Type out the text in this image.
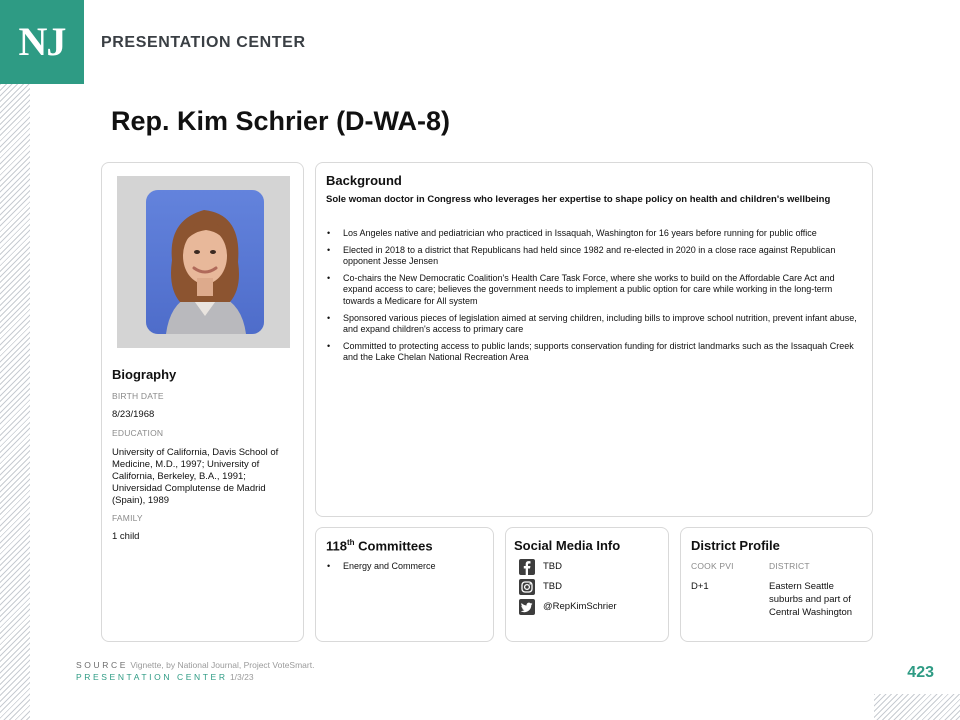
NJ	PRESENTATION CENTER
Rep. Kim Schrier (D-WA-8)
Biography
BIRTH DATE
8/23/1968
EDUCATION
University of California, Davis School of Medicine, M.D., 1997; University of California, Berkeley, B.A., 1991; Universidad Complutense de Madrid (Spain), 1989
FAMILY
1 child
Background
Sole woman doctor in Congress who leverages her expertise to shape policy on health and children's wellbeing
• Los Angeles native and pediatrician who practiced in Issaquah, Washington for 16 years before running for public office
• Elected in 2018 to a district that Republicans had held since 1982 and re-elected in 2020 in a close race against Republican opponent Jesse Jensen
• Co-chairs the New Democratic Coalition's Health Care Task Force, where she works to build on the Affordable Care Act and expand access to care; believes the government needs to implement a public option for care while working in the long-term towards a Medicare for All system
• Sponsored various pieces of legislation aimed at serving children, including bills to improve school nutrition, prevent infant abuse, and expand children's access to primary care
• Committed to protecting access to public lands; supports conservation funding for district landmarks such as the Issaquah Creek and the Lake Chelan National Recreation Area
118th Committees
• Energy and Commerce
Social Media Info
TBD
TBD
@RepKimSchrier
District Profile
COOK PVI	DISTRICT
D+1	Eastern Seattle suburbs and part of Central Washington
SOURCE Vignette, by National Journal, Project VoteSmart.
PRESENTATION CENTER 1/3/23	423
